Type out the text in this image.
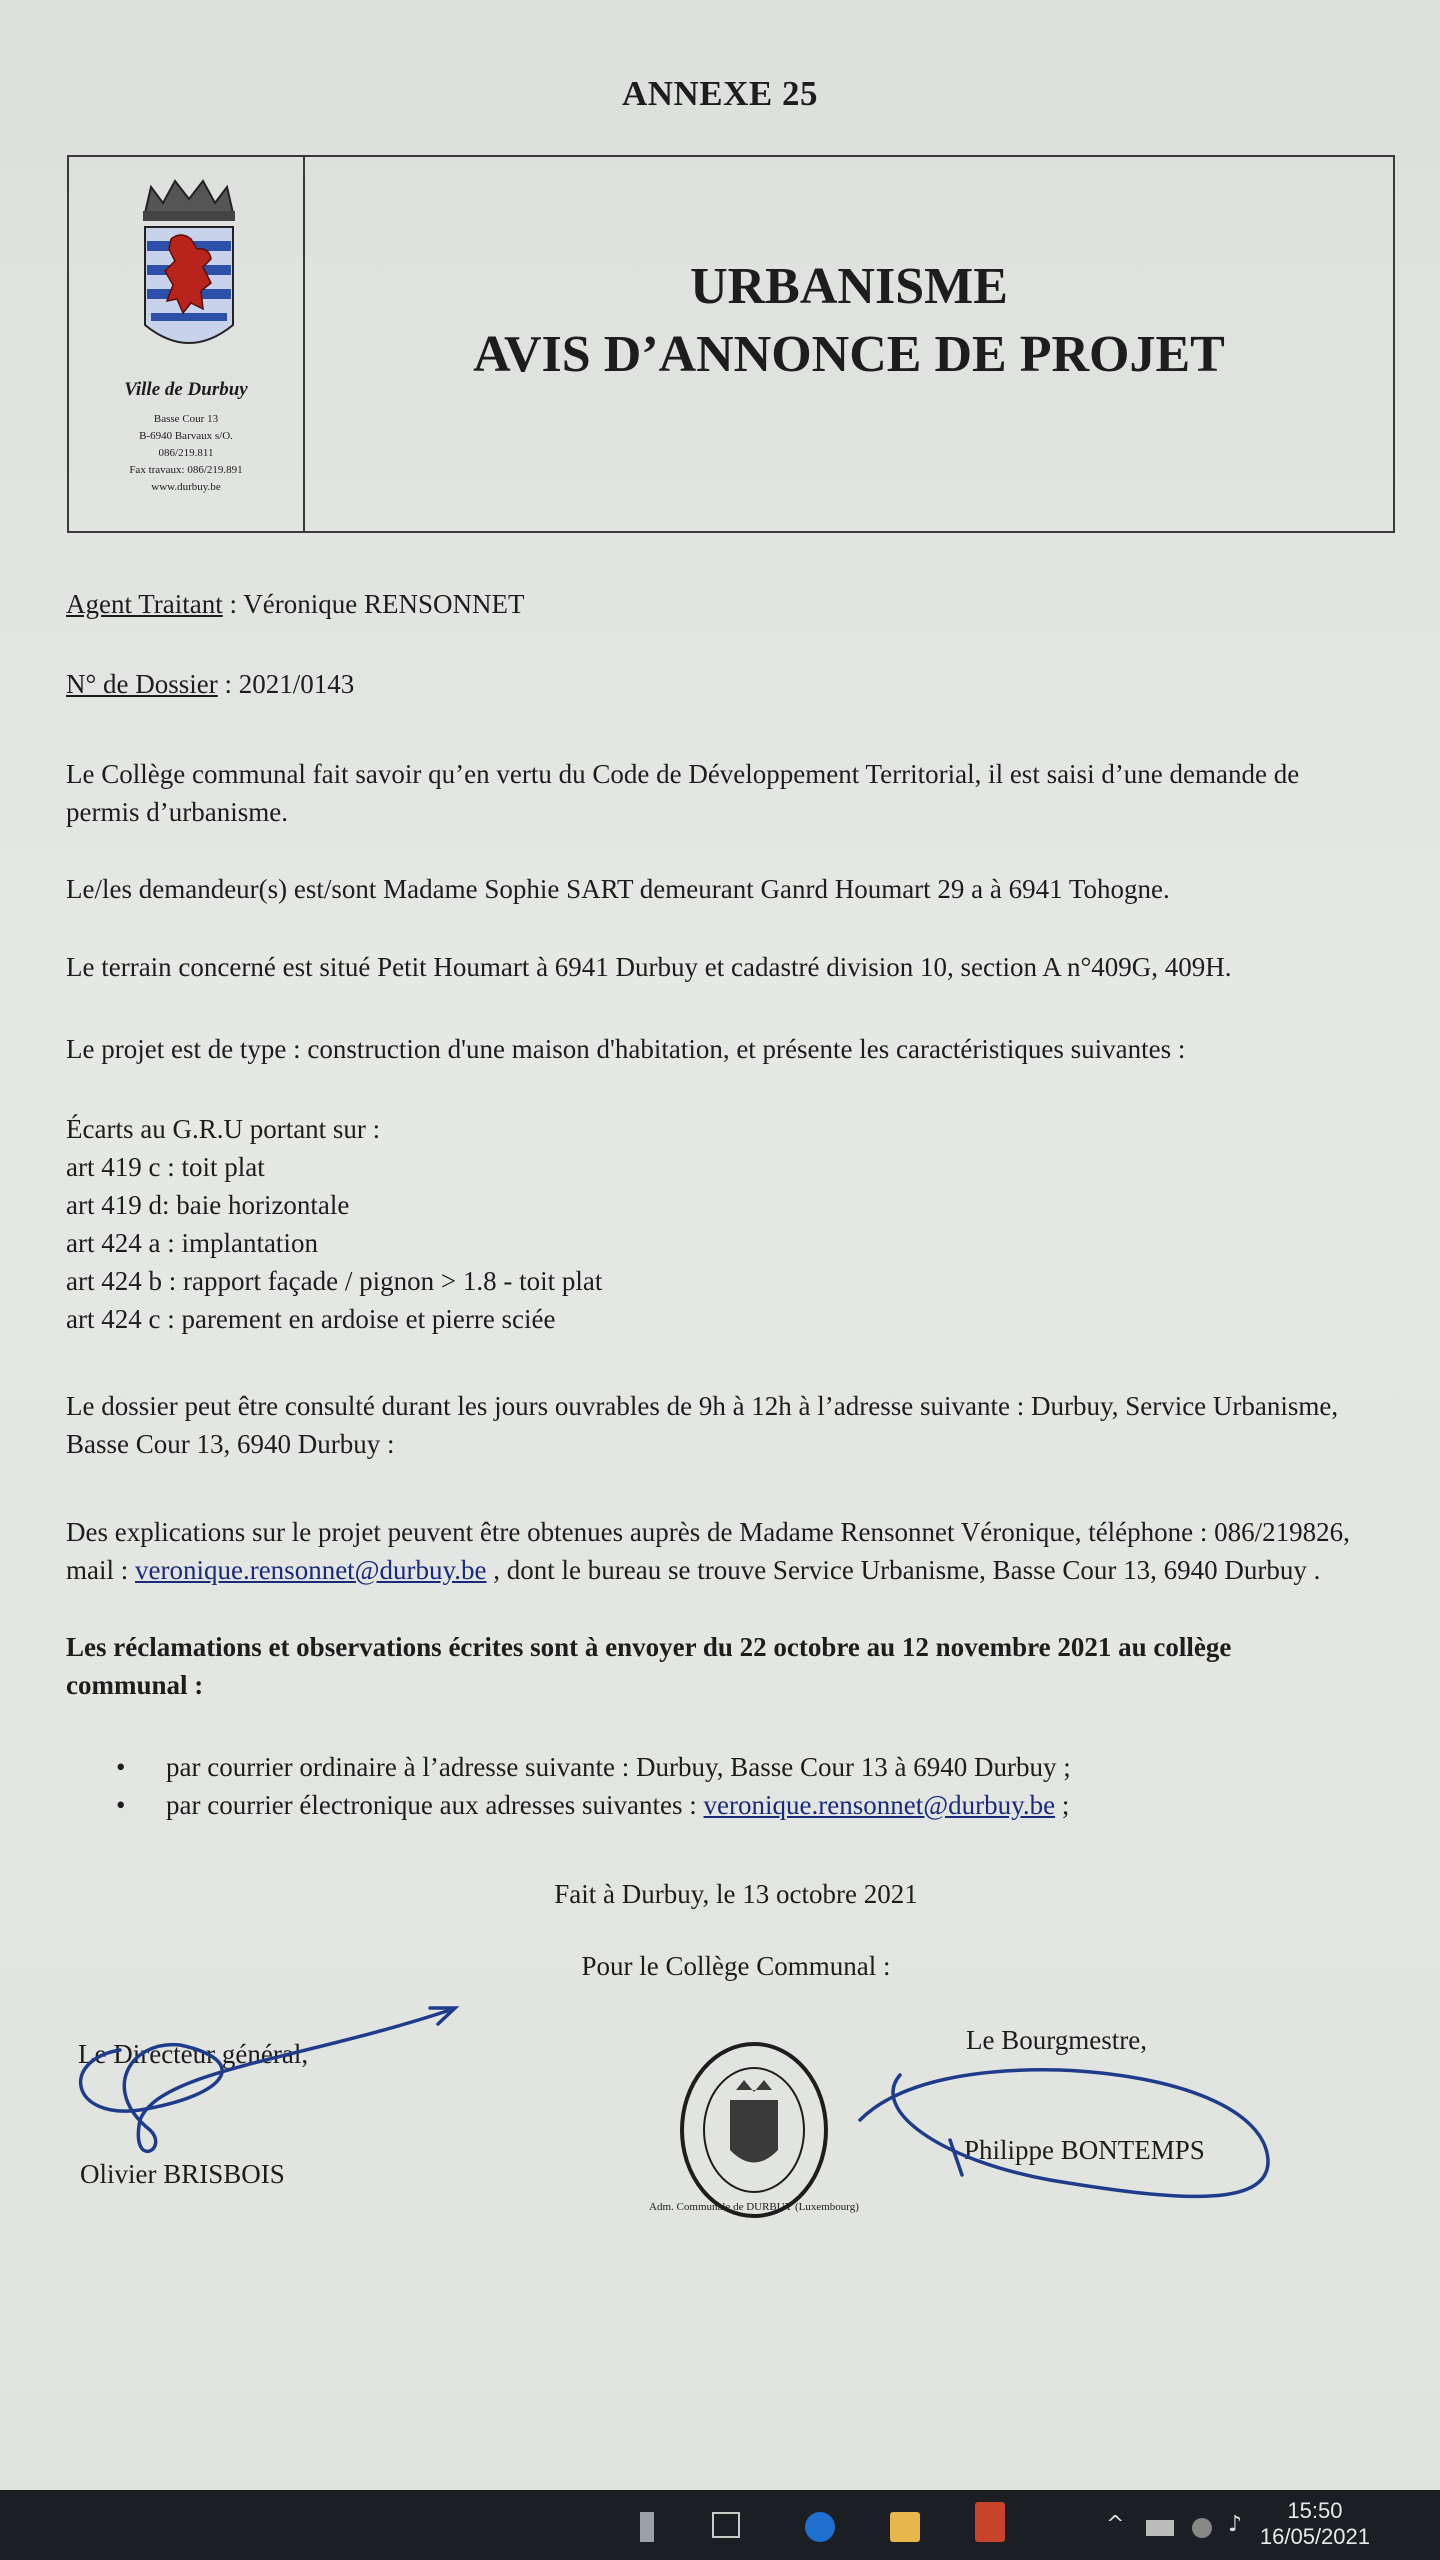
ANNEXE 25
Ville de Durbuy
Basse Cour 13
B-6940 Barvaux s/O.
086/219.811
Fax travaux: 086/219.891
www.durbuy.be
URBANISME
AVIS D’ANNONCE DE PROJET
Agent Traitant : Véronique RENSONNET
N° de Dossier : 2021/0143
Le Collège communal fait savoir qu’en vertu du Code de Développement Territorial, il est saisi d’une demande de
permis d’urbanisme.
Le/les demandeur(s) est/sont Madame Sophie SART demeurant Ganrd Houmart 29 a à 6941 Tohogne.
Le terrain concerné est situé Petit Houmart à 6941 Durbuy et cadastré division 10, section A n°409G, 409H.
Le projet est de type : construction d'une maison d'habitation, et présente les caractéristiques suivantes :
Écarts au G.R.U portant sur :
art 419 c : toit plat
art 419 d: baie horizontale
art 424 a : implantation
art 424 b : rapport façade / pignon > 1.8 - toit plat
art 424 c : parement en ardoise et pierre sciée
Le dossier peut être consulté durant les jours ouvrables de 9h à 12h à l’adresse suivante : Durbuy, Service Urbanisme,
Basse Cour 13, 6940 Durbuy :
Des explications sur le projet peuvent être obtenues auprès de Madame Rensonnet Véronique, téléphone : 086/219826,
mail : veronique.rensonnet@durbuy.be , dont le bureau se trouve Service Urbanisme, Basse Cour 13, 6940 Durbuy .
Les réclamations et observations écrites sont à envoyer du 22 octobre au 12 novembre 2021 au collège
communal :
• par courrier ordinaire à l’adresse suivante : Durbuy, Basse Cour 13 à 6940 Durbuy ;
• par courrier électronique aux adresses suivantes : veronique.rensonnet@durbuy.be ;
Fait à Durbuy, le 13 octobre 2021
Pour le Collège Communal :
Le Directeur général,
Olivier BRISBOIS
Le Bourgmestre,
Philippe BONTEMPS
Adm. Communale de DURBUY (Luxembourg)
^	♪
15:50
16/05/2021
